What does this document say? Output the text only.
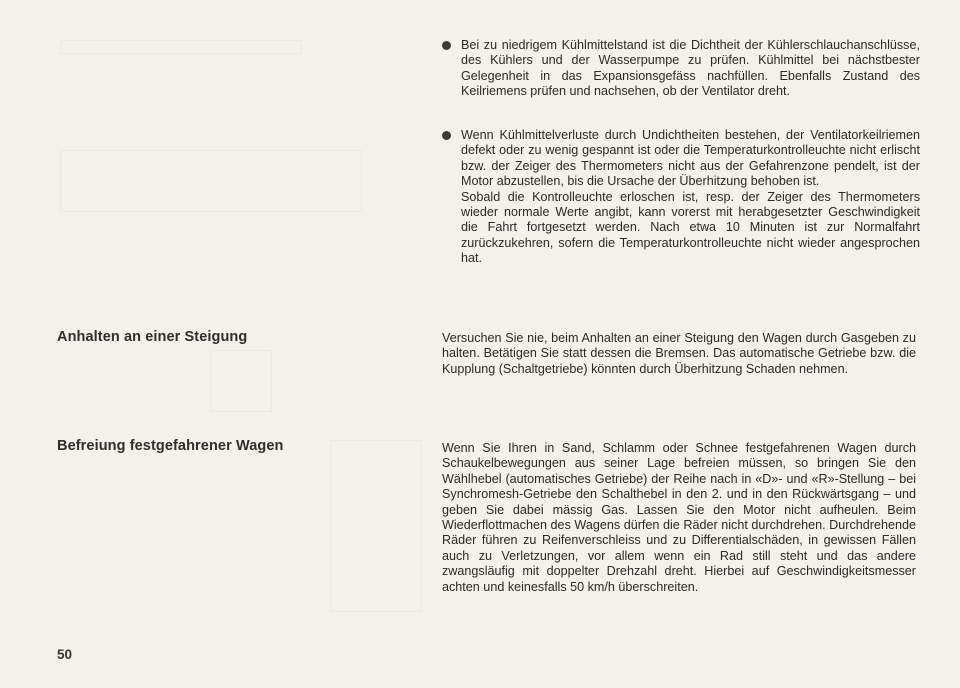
Bei zu niedrigem Kühlmittelstand ist die Dichtheit der Kühlerschlauchanschlüsse, des Kühlers und der Wasserpumpe zu prüfen. Kühlmittel bei nächstbester Gelegenheit in das Expansionsgefäss nachfüllen. Ebenfalls Zustand des Keilriemens prüfen und nachsehen, ob der Ventilator dreht.

Wenn Kühlmittelverluste durch Undichtheiten bestehen, der Ventilatorkeilriemen defekt oder zu wenig gespannt ist oder die Temperaturkontrolleuchte nicht erlischt bzw. der Zeiger des Thermometers nicht aus der Gefahrenzone pendelt, ist der Motor abzustellen, bis die Ursache der Überhitzung behoben ist.

Sobald die Kontrolleuchte erloschen ist, resp. der Zeiger des Thermometers wieder normale Werte angibt, kann vorerst mit herabgesetzter Geschwindigkeit die Fahrt fortgesetzt werden. Nach etwa 10 Minuten ist zur Normalfahrt zurückzukehren, sofern die Temperaturkontrolleuchte nicht wieder angesprochen hat.

Anhalten an einer Steigung	Versuchen Sie nie, beim Anhalten an einer Steigung den Wagen durch Gasgeben zu halten. Betätigen Sie statt dessen die Bremsen. Das automatische Getriebe bzw. die Kupplung (Schaltgetriebe) könnten durch Überhitzung Schaden nehmen.

Befreiung festgefahrener Wagen	Wenn Sie Ihren in Sand, Schlamm oder Schnee festgefahrenen Wagen durch Schaukelbewegungen aus seiner Lage befreien müssen, so bringen Sie den Wählhebel (automatisches Getriebe) der Reihe nach in «D»- und «R»-Stellung – bei Synchromesh-Getriebe den Schalthebel in den 2. und in den Rückwärtsgang – und geben Sie dabei mässig Gas. Lassen Sie den Motor nicht aufheulen. Beim Wiederflottmachen des Wagens dürfen die Räder nicht durchdrehen. Durchdrehende Räder führen zu Reifenverschleiss und zu Differentialschäden, in gewissen Fällen auch zu Verletzungen, vor allem wenn ein Rad still steht und das andere zwangsläufig mit doppelter Drehzahl dreht. Hierbei auf Geschwindigkeitsmesser achten und keinesfalls 50 km/h überschreiten.

50
